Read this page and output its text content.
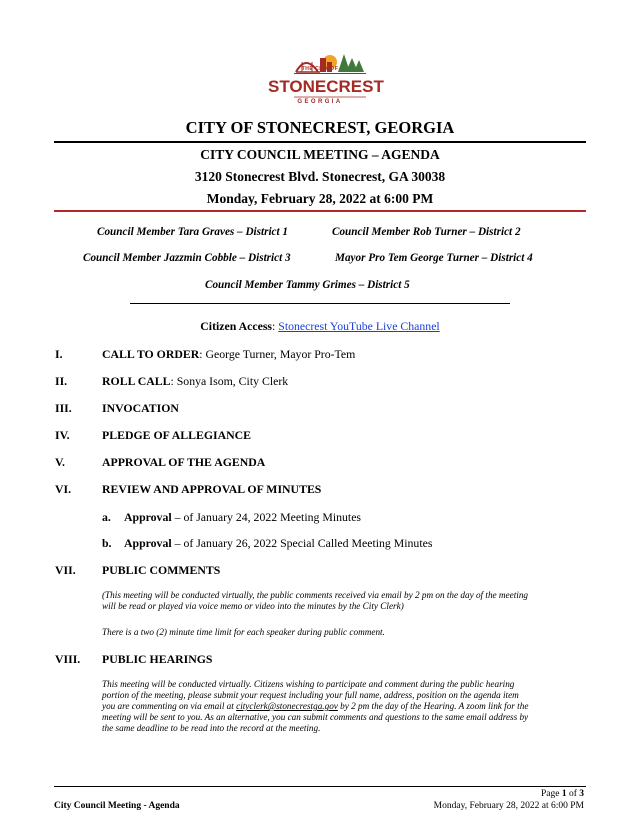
THE CITY OF
STONECREST
GEORGIA
CITY OF STONECREST, GEORGIA
CITY COUNCIL MEETING – AGENDA
3120 Stonecrest Blvd. Stonecrest, GA 30038
Monday, February 28, 2022 at 6:00 PM
Council Member Tara Graves – District 1	Council Member Rob Turner – District 2
Council Member Jazzmin Cobble – District 3	Mayor Pro Tem George Turner – District 4
Council Member Tammy Grimes – District 5
Citizen Access: Stonecrest YouTube Live Channel
I.	CALL TO ORDER: George Turner, Mayor Pro-Tem
II.	ROLL CALL: Sonya Isom, City Clerk
III.	INVOCATION
IV.	PLEDGE OF ALLEGIANCE
V.	APPROVAL OF THE AGENDA
VI.	REVIEW AND APPROVAL OF MINUTES
a. Approval – of January 24, 2022 Meeting Minutes
b. Approval – of January 26, 2022 Special Called Meeting Minutes
VII. PUBLIC COMMENTS
(This meeting will be conducted virtually, the public comments received via email by 2 pm on the day of the meeting
will be read or played via voice memo or video into the minutes by the City Clerk)
There is a two (2) minute time limit for each speaker during public comment.
VIII. PUBLIC HEARINGS
This meeting will be conducted virtually. Citizens wishing to participate and comment during the public hearing
portion of the meeting, please submit your request including your full name, address, position on the agenda item
you are commenting on via email at cityclerk@stonecrestga.gov by 2 pm the day of the Hearing. A zoom link for the
meeting will be sent to you. As an alternative, you can submit comments and questions to the same email address by
the same deadline to be read into the record at the meeting.
Page 1 of 3
City Council Meeting - Agenda	Monday, February 28, 2022 at 6:00 PM
